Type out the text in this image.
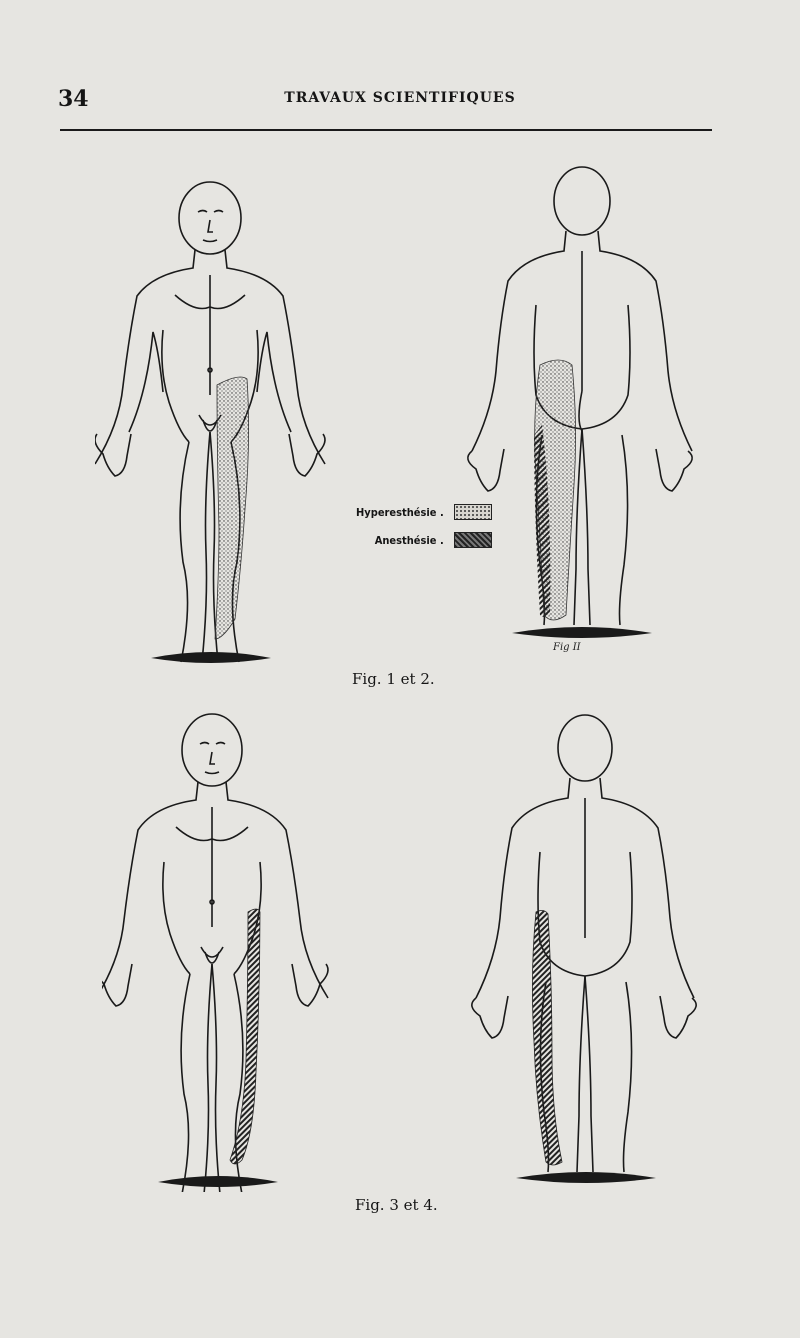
34	TRAVAUX SCIENTIFIQUES
Fig II
Hyperesthésie .
Anesthésie .
Fig. 1 et 2.
Fig. 3 et 4.
